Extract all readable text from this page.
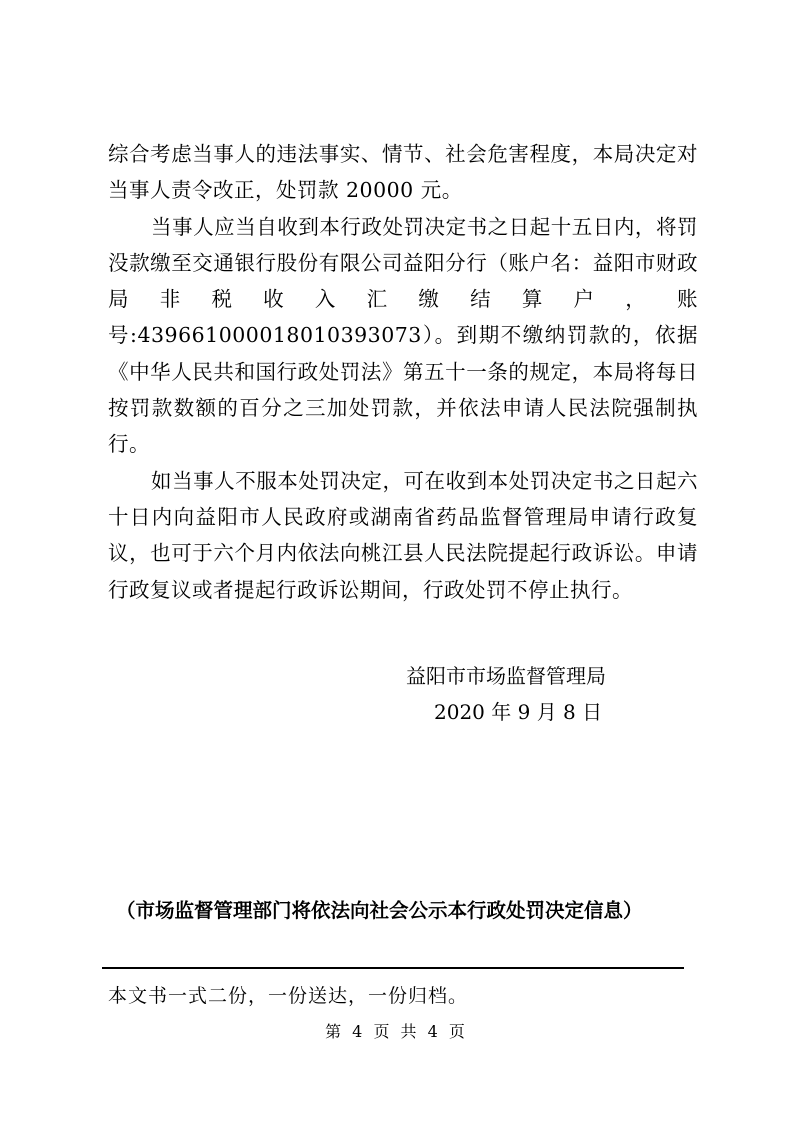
综合考虑当事人的违法事实、情节、社会危害程度，本局决定对当事人责令改正，处罚款 20000 元。

当事人应当自收到本行政处罚决定书之日起十五日内，将罚没款缴至交通银行股份有限公司益阳分行（账户名：益阳市财政局非税收入汇缴结算户，账号:439661000018010393073）。到期不缴纳罚款的，依据《中华人民共和国行政处罚法》第五十一条的规定，本局将每日按罚款数额的百分之三加处罚款，并依法申请人民法院强制执行。

如当事人不服本处罚决定，可在收到本处罚决定书之日起六十日内向益阳市人民政府或湖南省药品监督管理局申请行政复议，也可于六个月内依法向桃江县人民法院提起行政诉讼。申请行政复议或者提起行政诉讼期间，行政处罚不停止执行。

益阳市市场监督管理局
2020 年 9 月 8 日
（市场监督管理部门将依法向社会公示本行政处罚决定信息）
本文书一式二份，一份送达，一份归档。
第 4 页 共 4 页
